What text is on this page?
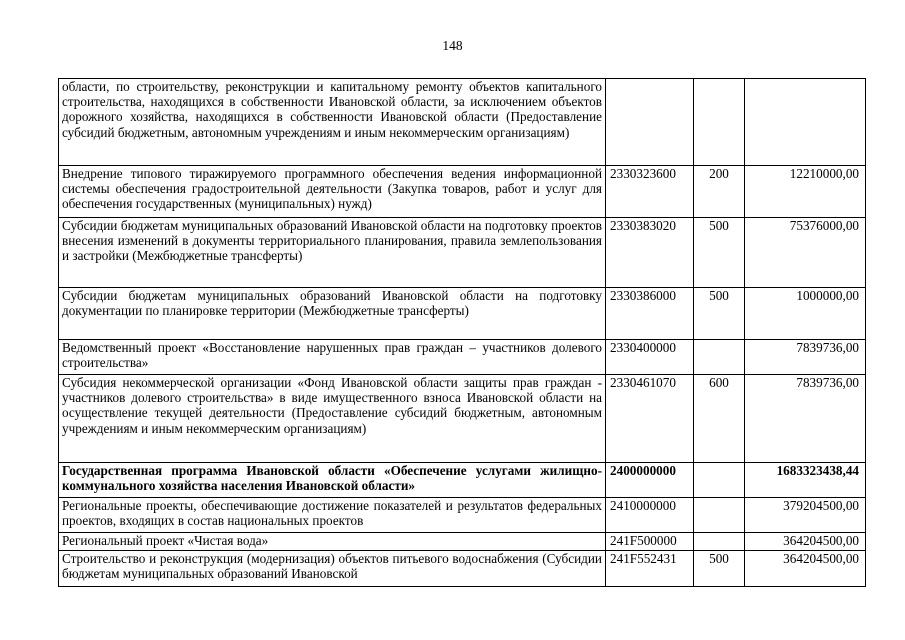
148
области, по строительству, реконструкции и капитальному ремонту объектов капитального строительства, находящихся в собственности Ивановской области, за исключением объектов дорожного хозяйства, находящихся в собственности Ивановской области (Предоставление субсидий бюджетным, автономным учреждениям и иным некоммерческим организациям)			
Внедрение типового тиражируемого программного обеспечения ведения информационной системы обеспечения градостроительной деятельности (Закупка товаров, работ и услуг для обеспечения государственных (муниципальных) нужд)	2330323600	200	12210000,00
Субсидии бюджетам муниципальных образований Ивановской области на подготовку проектов внесения изменений в документы территориального планирования, правила землепользования и застройки (Межбюджетные трансферты)	2330383020	500	75376000,00
Субсидии бюджетам муниципальных образований Ивановской области на подготовку документации по планировке территории (Межбюджетные трансферты)	2330386000	500	1000000,00
Ведомственный проект «Восстановление нарушенных прав граждан – участников долевого строительства»	2330400000		7839736,00
Субсидия некоммерческой организации «Фонд Ивановской области защиты прав граждан - участников долевого строительства» в виде имущественного взноса Ивановской области на осуществление текущей деятельности (Предоставление субсидий бюджетным, автономным учреждениям и иным некоммерческим организациям)	2330461070	600	7839736,00
Государственная программа Ивановской области «Обеспечение услугами жилищно-коммунального хозяйства населения Ивановской области»	2400000000		1683323438,44
Региональные проекты, обеспечивающие достижение показателей и результатов федеральных проектов, входящих в состав национальных проектов	2410000000		379204500,00
Региональный проект «Чистая вода»	241F500000		364204500,00
Строительство и реконструкция (модернизация) объектов питьевого водоснабжения (Субсидии бюджетам муниципальных образований Ивановской	241F552431	500	364204500,00
